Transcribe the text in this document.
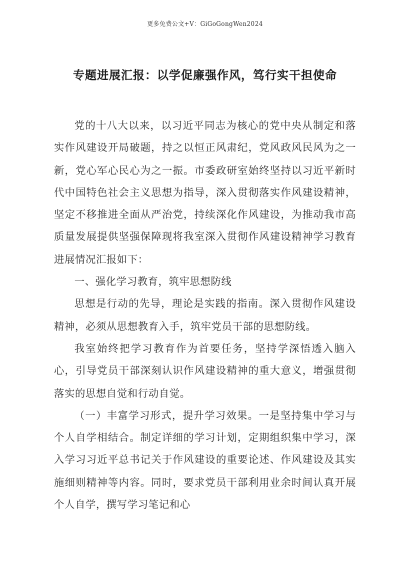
更多免费公文+V：GiGoGongWen2024
专题进展汇报：以学促廉强作风，笃行实干担使命

党的十八大以来，以习近平同志为核心的党中央从制定和落实作风建设开局破题，持之以恒正风肃纪，党风政风民风为之一新，党心军心民心为之一振。市委政研室始终坚持以习近平新时代中国特色社会主义思想为指导，深入贯彻落实作风建设精神，坚定不移推进全面从严治党，持续深化作风建设，为推动我市高质量发展提供坚强保障现将我室深入贯彻作风建设精神学习教育进展情况汇报如下：

一、强化学习教育，筑牢思想防线

思想是行动的先导，理论是实践的指南。深入贯彻作风建设精神，必须从思想教育入手，筑牢党员干部的思想防线。

我室始终把学习教育作为首要任务，坚持学深悟透入脑入心，引导党员干部深刻认识作风建设精神的重大意义，增强贯彻落实的思想自觉和行动自觉。

（一）丰富学习形式，提升学习效果。一是坚持集中学习与个人自学相结合。制定详细的学习计划，定期组织集中学习，深入学习习近平总书记关于作风建设的重要论述、作风建设及其实施细则精神等内容。同时，要求党员干部利用业余时间认真开展个人自学，撰写学习笔记和心
